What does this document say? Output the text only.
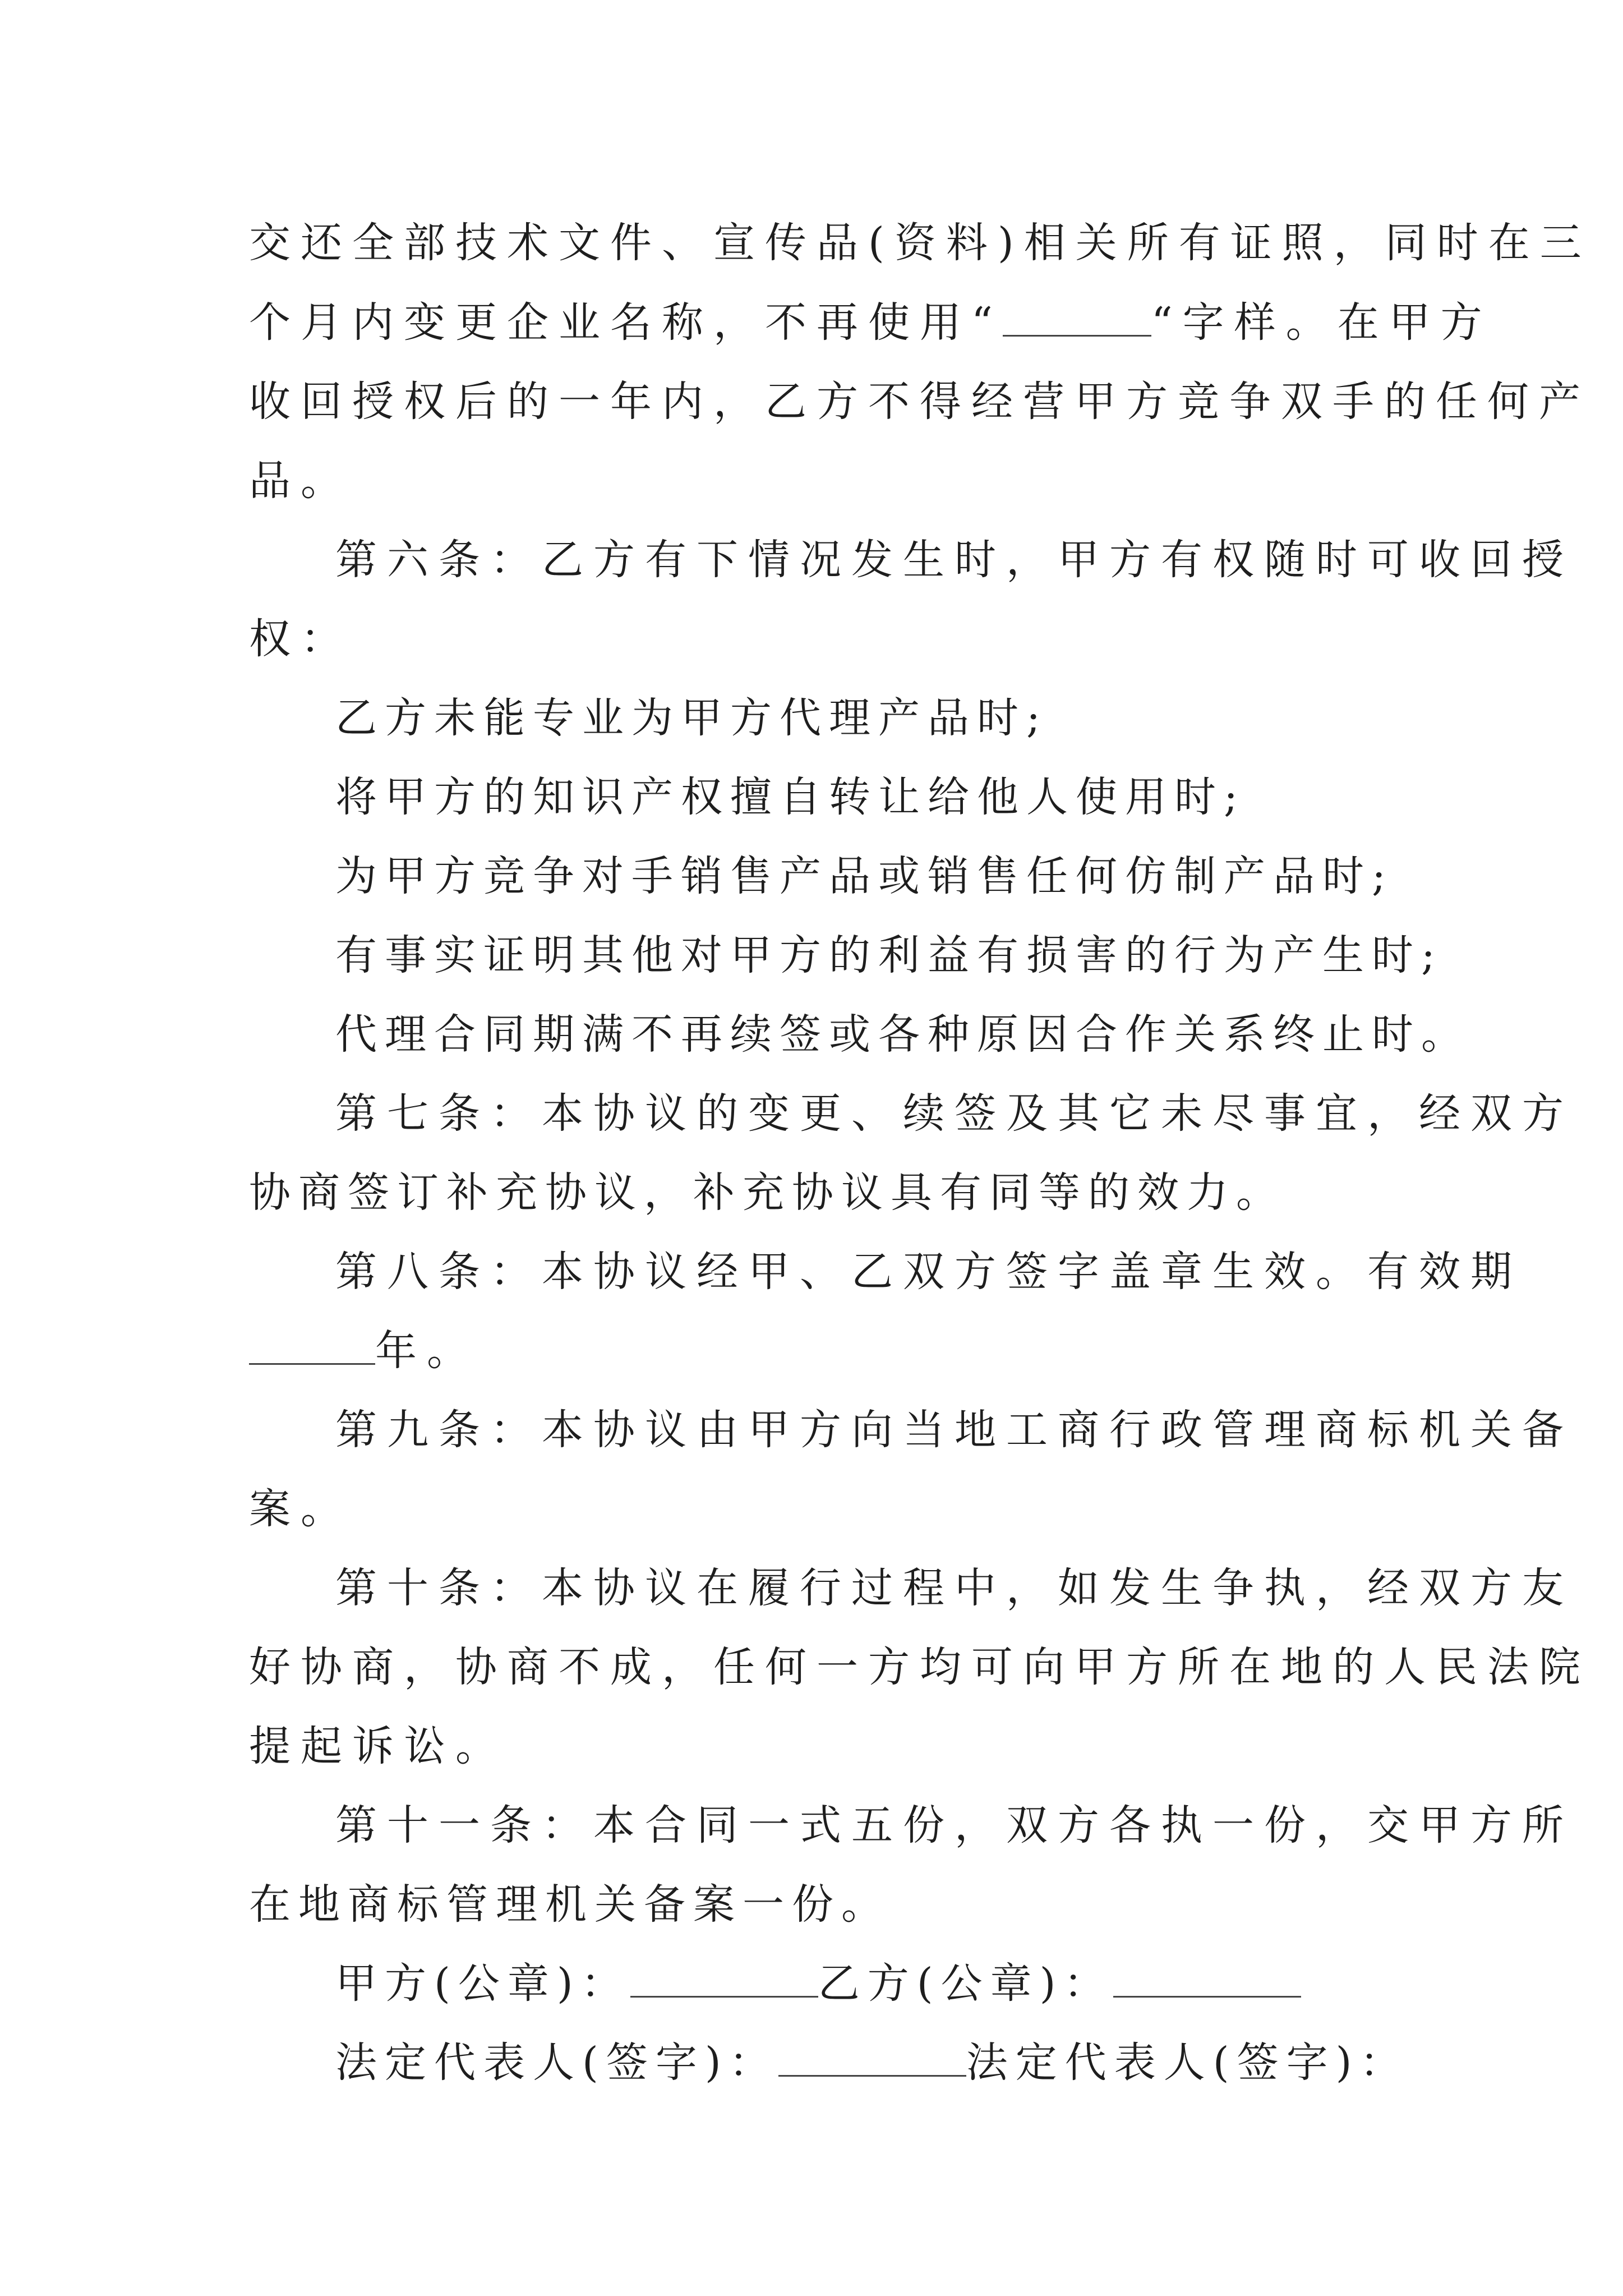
交还全部技术文件、宣传品(资料)相关所有证照，同时在三
个月内变更企业名称，不再使用“	“字样。在甲方
收回授权后的一年内，乙方不得经营甲方竞争双手的任何产
品。
第六条：乙方有下情况发生时，甲方有权随时可收回授
权：
乙方未能专业为甲方代理产品时;
将甲方的知识产权擅自转让给他人使用时;
为甲方竞争对手销售产品或销售任何仿制产品时;
有事实证明其他对甲方的利益有损害的行为产生时;
代理合同期满不再续签或各种原因合作关系终止时。
第七条：本协议的变更、续签及其它未尽事宜，经双方
协商签订补充协议，补充协议具有同等的效力。
第八条：本协议经甲、乙双方签字盖章生效。有效期
年。
第九条：本协议由甲方向当地工商行政管理商标机关备
案。
第十条：本协议在履行过程中，如发生争执，经双方友
好协商，协商不成，任何一方均可向甲方所在地的人民法院
提起诉讼。
第十一条：本合同一式五份，双方各执一份，交甲方所
在地商标管理机关备案一份。
甲方(公章)：	乙方(公章)：
法定代表人(签字)：	法定代表人(签字)：
